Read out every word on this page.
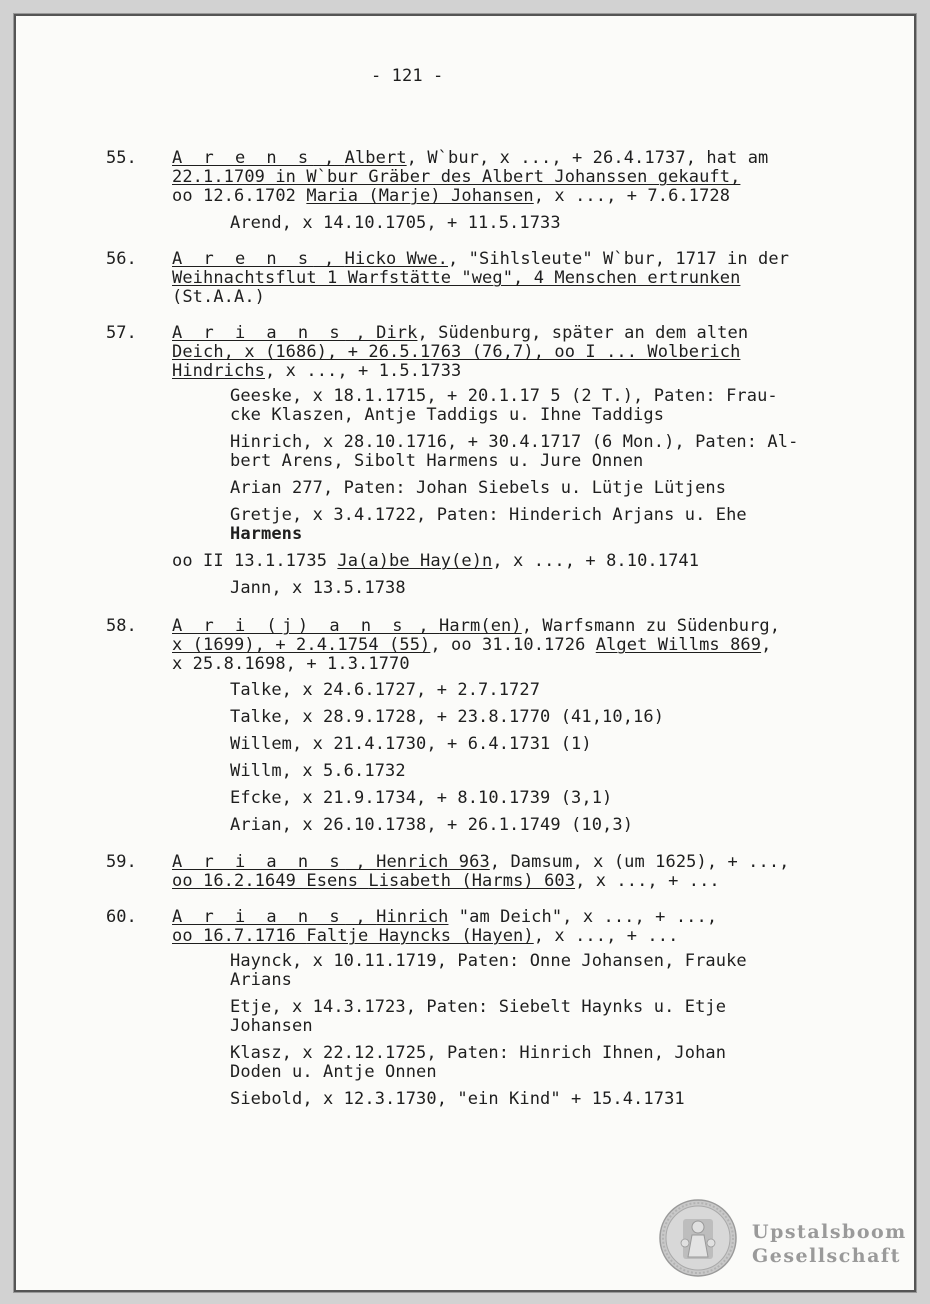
- 121 -
55. A r e n s , Albert, W`bur, x ..., + 26.4.1737, hat am
22.1.1709 in W`bur Gräber des Albert Johanssen gekauft,
oo 12.6.1702 Maria (Marje) Johansen, x ..., + 7.6.1728
Arend, x 14.10.1705, + 11.5.1733
56. A r e n s , Hicko Wwe., "Sihlsleute" W`bur, 1717 in der
Weihnachtsflut 1 Warfstätte "weg", 4 Menschen ertrunken
(St.A.A.)
57. A r i a n s , Dirk, Südenburg, später an dem alten
Deich, x (1686), + 26.5.1763 (76,7), oo I ... Wolberich
Hindrichs, x ..., + 1.5.1733
Geeske, x 18.1.1715, + 20.1.17 5 (2 T.), Paten: Frau-
cke Klaszen, Antje Taddigs u. Ihne Taddigs
Hinrich, x 28.10.1716, + 30.4.1717 (6 Mon.), Paten: Al-
bert Arens, Sibolt Harmens u. Jure Onnen
Arian 277, Paten: Johan Siebels u. Lütje Lütjens
Gretje, x 3.4.1722, Paten: Hinderich Arjans u. Ehe
Harmens
oo II 13.1.1735 Ja(a)be Hay(e)n, x ..., + 8.10.1741
Jann, x 13.5.1738
58. A r i (j) a n s , Harm(en), Warfsmann zu Südenburg,
x (1699), + 2.4.1754 (55), oo 31.10.1726 Alget Willms 869,
x 25.8.1698, + 1.3.1770
Talke, x 24.6.1727, + 2.7.1727
Talke, x 28.9.1728, + 23.8.1770 (41,10,16)
Willem, x 21.4.1730, + 6.4.1731 (1)
Willm, x 5.6.1732
Efcke, x 21.9.1734, + 8.10.1739 (3,1)
Arian, x 26.10.1738, + 26.1.1749 (10,3)
59. A r i a n s , Henrich 963, Damsum, x (um 1625), + ...,
oo 16.2.1649 Esens Lisabeth (Harms) 603, x ..., + ...
60. A r i a n s , Hinrich "am Deich", x ..., + ...,
oo 16.7.1716 Faltje Hayncks (Hayen), x ..., + ...
Haynck, x 10.11.1719, Paten: Onne Johansen, Frauke
Arians
Etje, x 14.3.1723, Paten: Siebelt Haynks u. Etje
Johansen
Klasz, x 22.12.1725, Paten: Hinrich Ihnen, Johan
Doden u. Antje Onnen
Siebold, x 12.3.1730, "ein Kind" + 15.4.1731
Upstalsboom
Gesellschaft
